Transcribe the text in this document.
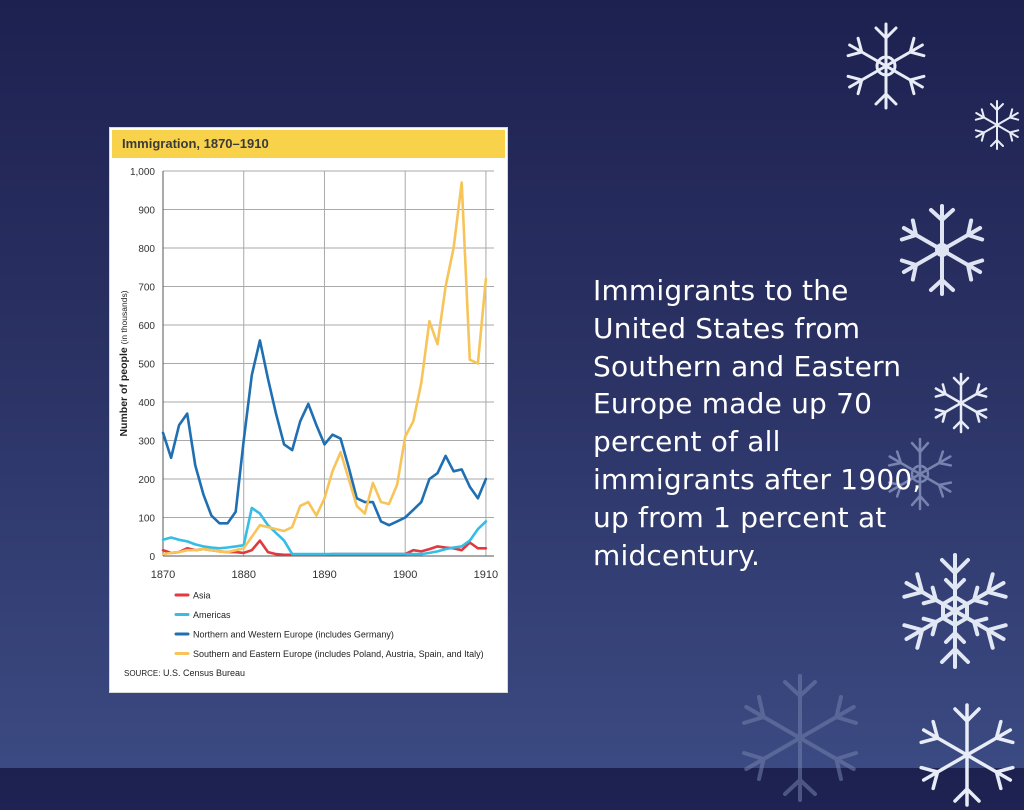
Immigration, 1870–1910
0
100
200
300
400
500
600
700
800
900
1,000
1870	1880	1890	1900	1910
Number of people (in thousands)
Asia
Americas
Northern and Western Europe (includes Germany)
Southern and Eastern Europe (includes Poland, Austria, Spain, and Italy)
SOURCE: U.S. Census Bureau
Immigrants to the United States from Southern and Eastern Europe made up 70 percent of all immigrants after 1900, up from 1 percent at midcentury.
